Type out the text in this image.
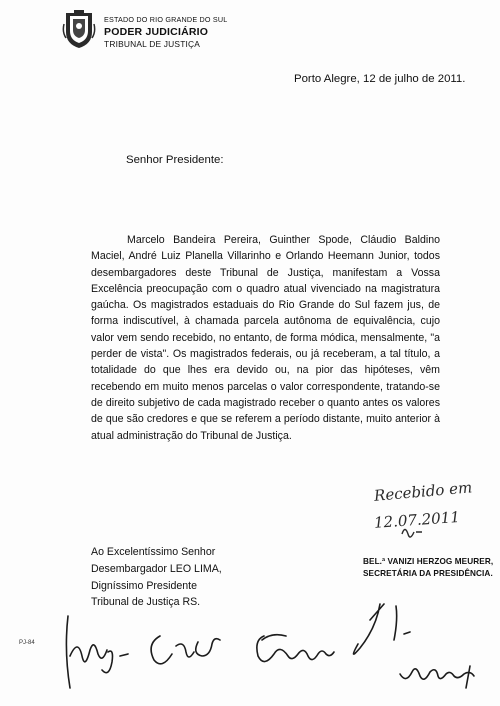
ESTADO DO RIO GRANDE DO SUL
PODER JUDICIÁRIO
TRIBUNAL DE JUSTIÇA
Porto Alegre, 12 de julho de 2011.
Senhor Presidente:

Marcelo Bandeira Pereira, Guinther Spode, Cláudio Baldino Maciel, André Luiz Planella Villarinho e Orlando Heemann Junior, todos desembargadores deste Tribunal de Justiça, manifestam a Vossa Excelência preocupação com o quadro atual vivenciado na magistratura gaúcha. Os magistrados estaduais do Rio Grande do Sul fazem jus, de forma indiscutível, à chamada parcela autônoma de equivalência, cujo valor vem sendo recebido, no entanto, de forma módica, mensalmente, "a perder de vista". Os magistrados federais, ou já receberam, a tal título, a totalidade do que lhes era devido ou, na pior das hipóteses, vêm recebendo em muito menos parcelas o valor correspondente, tratando-se de direito subjetivo de cada magistrado receber o quanto antes os valores de que são credores e que se referem a período distante, muito anterior à atual administração do Tribunal de Justiça.

Recebido em
12.07.2011
Ao Excelentíssimo Senhor
Desembargador LEO LIMA,
Digníssimo Presidente
Tribunal de Justiça RS.
BEL.ª VANIZI HERZOG MEURER,
SECRETÁRIA DA PRESIDÊNCIA.
PJ-84
